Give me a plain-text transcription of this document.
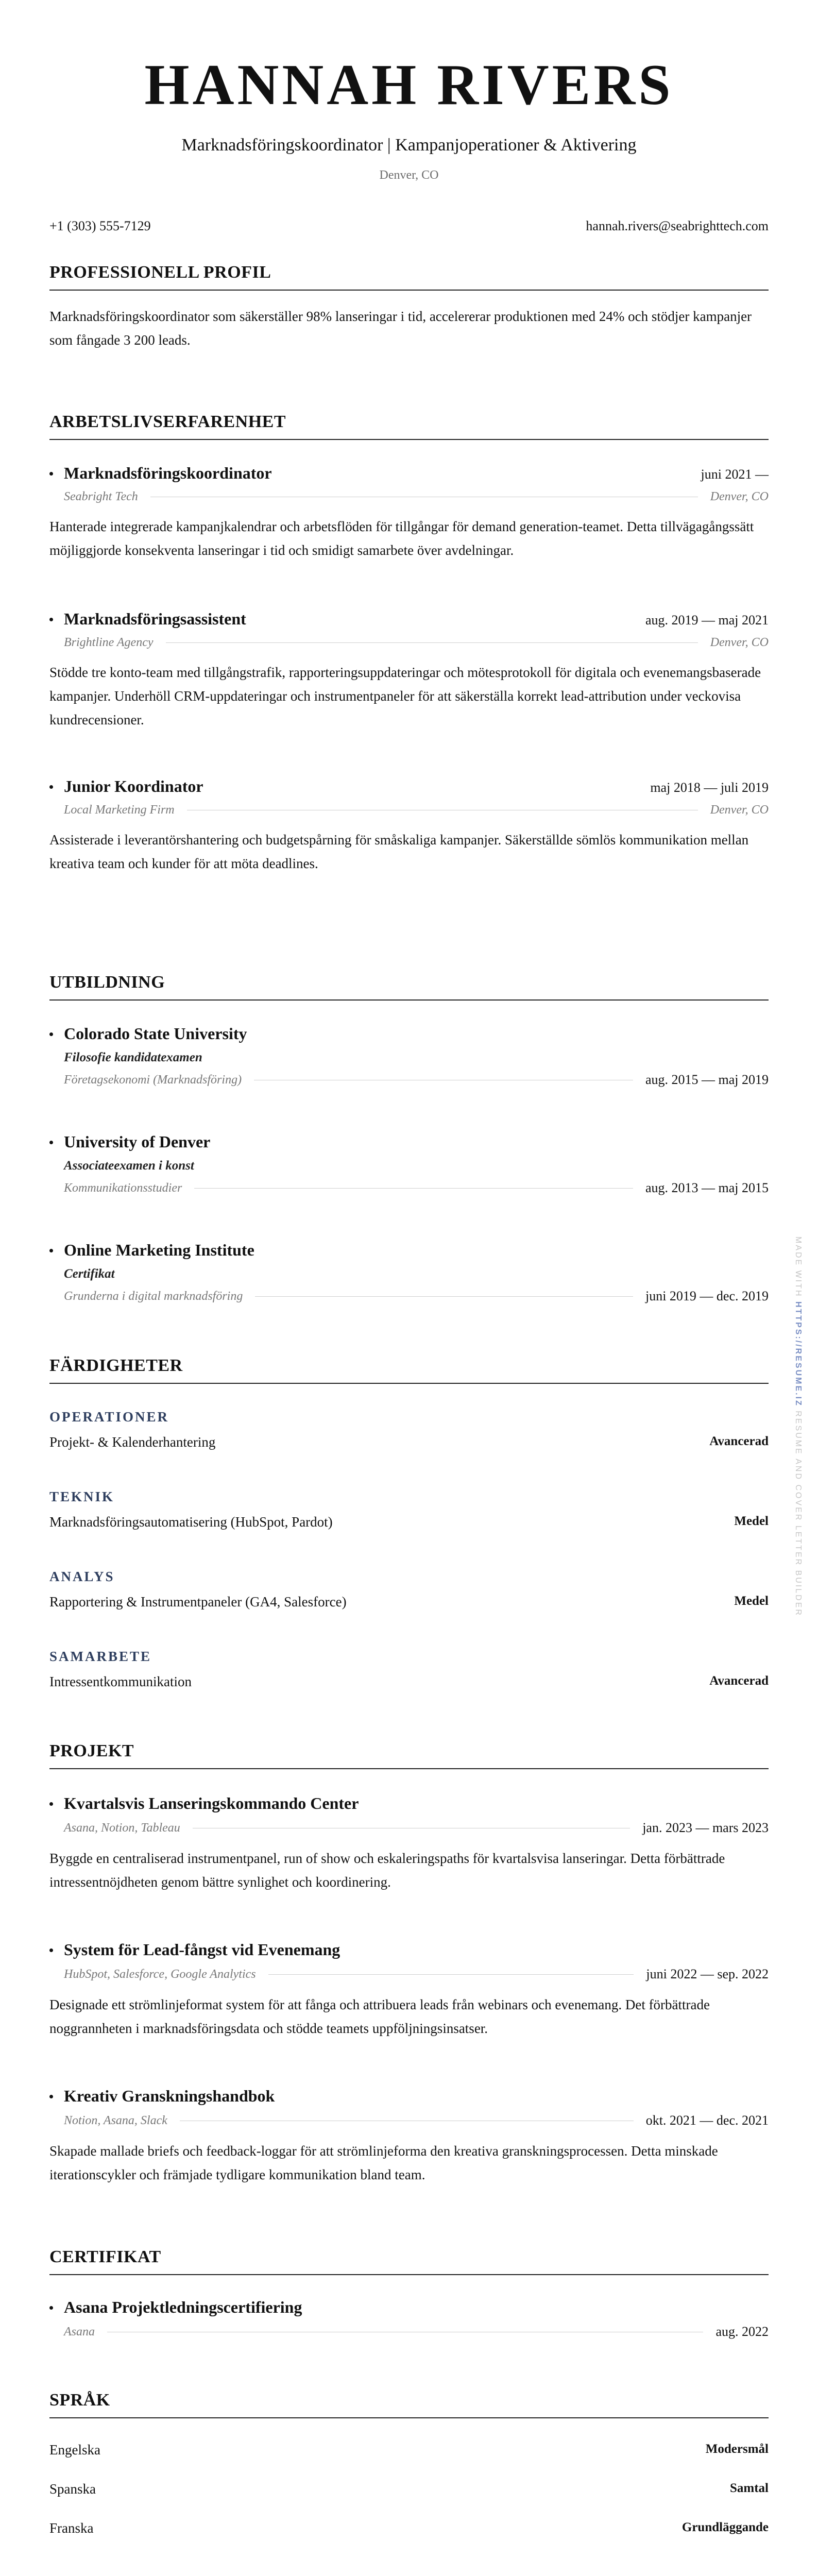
HANNAH RIVERS
Marknadsföringskoordinator | Kampanjoperationer & Aktivering
Denver, CO
+1 (303) 555-7129	hannah.rivers@seabrighttech.com
PROFESSIONELL PROFIL
Marknadsföringskoordinator som säkerställer 98% lanseringar i tid, accelererar produktionen med 24% och stödjer kampanjer som fångade 3 200 leads.
ARBETSLIVSERFARENHET
Marknadsföringskoordinator	juni 2021 —
Seabright Tech	Denver, CO
Hanterade integrerade kampanjkalendrar och arbetsflöden för tillgångar för demand generation-teamet. Detta tillvägagångssätt möjliggjorde konsekventa lanseringar i tid och smidigt samarbete över avdelningar.
Marknadsföringsassistent	aug. 2019 — maj 2021
Brightline Agency	Denver, CO
Stödde tre konto-team med tillgångstrafik, rapporteringsuppdateringar och mötesprotokoll för digitala och evenemangsbaserade kampanjer. Underhöll CRM-uppdateringar och instrumentpaneler för att säkerställa korrekt lead-attribution under veckovisa kundrecensioner.
Junior Koordinator	maj 2018 — juli 2019
Local Marketing Firm	Denver, CO
Assisterade i leverantörshantering och budgetspårning för småskaliga kampanjer. Säkerställde sömlös kommunikation mellan kreativa team och kunder för att möta deadlines.
UTBILDNING
Colorado State University
Filosofie kandidatexamen
Företagsekonomi (Marknadsföring)	aug. 2015 — maj 2019
University of Denver
Associateexamen i konst
Kommunikationsstudier	aug. 2013 — maj 2015
Online Marketing Institute
Certifikat
Grunderna i digital marknadsföring	juni 2019 — dec. 2019
FÄRDIGHETER
OPERATIONER
Projekt- & Kalenderhantering	Avancerad
TEKNIK
Marknadsföringsautomatisering (HubSpot, Pardot)	Medel
ANALYS
Rapportering & Instrumentpaneler (GA4, Salesforce)	Medel
SAMARBETE
Intressentkommunikation	Avancerad
PROJEKT
Kvartalsvis Lanseringskommando Center
Asana, Notion, Tableau	jan. 2023 — mars 2023
Byggde en centraliserad instrumentpanel, run of show och eskaleringspaths för kvartalsvisa lanseringar. Detta förbättrade intressentnöjdheten genom bättre synlighet och koordinering.
System för Lead-fångst vid Evenemang
HubSpot, Salesforce, Google Analytics	juni 2022 — sep. 2022
Designade ett strömlinjeformat system för att fånga och attribuera leads från webinars och evenemang. Det förbättrade noggrannheten i marknadsföringsdata och stödde teamets uppföljningsinsatser.
Kreativ Granskningshandbok
Notion, Asana, Slack	okt. 2021 — dec. 2021
Skapade mallade briefs och feedback-loggar för att strömlinjeforma den kreativa granskningsprocessen. Detta minskade iterationscykler och främjade tydligare kommunikation bland team.
CERTIFIKAT
Asana Projektledningscertifiering
Asana	aug. 2022
SPRÅK
Engelska	Modersmål
Spanska	Samtal
Franska	Grundläggande
MADE WITH HTTPS://RESUME.IZ RESUME AND COVER LETTER BUILDER
